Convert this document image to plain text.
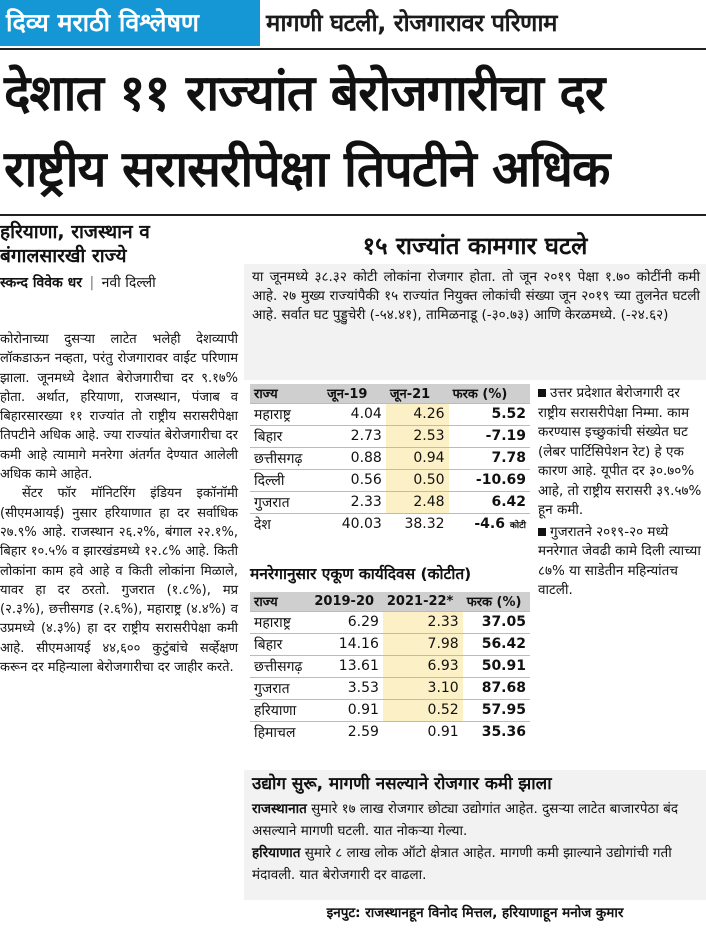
दिव्य मराठी विश्लेषण	मागणी घटली, रोजगारावर परिणाम
देशात ११ राज्यांत बेरोजगारीचा दर
राष्ट्रीय सरासरीपेक्षा तिपटीने अधिक
हरियाणा, राजस्थान व बंगालसारखी राज्ये
स्कन्द विवेक धर | नवी दिल्ली

कोरोनाच्या दुसऱ्या लाटेत भलेही देशव्यापी लॉकडाऊन नव्हता, परंतु रोजगारावर वाईट परिणाम झाला. जूनमध्ये देशात बेरोजगारीचा दर ९.१७% होता. अर्थात, हरियाणा, राजस्थान, पंजाब व बिहारसारख्या ११ राज्यांत तो राष्ट्रीय सरासरीपेक्षा तिपटीने अधिक आहे. ज्या राज्यांत बेरोजगारीचा दर कमी आहे त्यामागे मनरेगा अंतर्गत देण्यात आलेली अधिक कामे आहेत.

सेंटर फॉर मॉनिटरिंग इंडियन इकॉनॉमी (सीएमआयई) नुसार हरियाणात हा दर सर्वाधिक २७.९% आहे. राजस्थान २६.२%, बंगाल २२.१%, बिहार १०.५% व झारखंडमध्ये १२.८% आहे. किती लोकांना काम हवे आहे व किती लोकांना मिळाले, यावर हा दर ठरतो. गुजरात (१.८%), मप्र (२.३%), छत्तीसगड (२.६%), महाराष्ट्र (४.४%) व उप्रमध्ये (४.३%) हा दर राष्ट्रीय सरासरीपेक्षा कमी आहे. सीएमआयई ४४,६०० कुटुंबांचे सर्व्हेक्षण करून दर महिन्याला बेरोजगारीचा दर जाहीर करते.

१५ राज्यांत कामगार घटले
या जूनमध्ये ३८.३२ कोटी लोकांना रोजगार होता. तो जून २०१९ पेक्षा १.७० कोटींनी कमी आहे. २७ मुख्य राज्यांपैकी १५ राज्यांत नियुक्त लोकांची संख्या जून २०१९ च्या तुलनेत घटली आहे. सर्वात घट पुड्डुचेरी (-५४.४१), तामिळनाडू (-३०.७३) आणि केरळमध्ये. (-२४.६२)
राज्य	जून-19	जून-21	फरक (%)
महाराष्ट्र	4.04	4.26	5.52
बिहार	2.73	2.53	-7.19
छत्तीसगढ़	0.88	0.94	7.78
दिल्ली	0.56	0.50	-10.69
गुजरात	2.33	2.48	6.42
देश	40.03	38.32	-4.6 कोटी
मनरेगानुसार एकूण कार्यदिवस (कोटीत)
राज्य	2019-20	2021-22*	फरक (%)
महाराष्ट्र	6.29	2.33	37.05
बिहार	14.16	7.98	56.42
छत्तीसगढ़	13.61	6.93	50.91
गुजरात	3.53	3.10	87.68
हरियाणा	0.91	0.52	57.95
हिमाचल	2.59	0.91	35.36
उत्तर प्रदेशात बेरोजगारी दर राष्ट्रीय सरासरीपेक्षा निम्मा. काम करण्यास इच्छुकांची संख्येत घट (लेबर पार्टिसिपेशन रेट) हे एक कारण आहे. यूपीत दर ३०.७०% आहे, तो राष्ट्रीय सरासरी ३९.५७% हून कमी.
गुजरातने २०१९-२० मध्ये मनरेगात जेवढी कामे दिली त्याच्या ८७% या साडेतीन महिन्यांतच वाटली.
उद्योग सुरू, मागणी नसल्याने रोजगार कमी झाला
राजस्थानात सुमारे १७ लाख रोजगार छोट्या उद्योगांत आहेत. दुसऱ्या लाटेत बाजारपेठा बंद असल्याने मागणी घटली. यात नोकऱ्या गेल्या.
हरियाणात सुमारे ८ लाख लोक ऑटो क्षेत्रात आहेत. मागणी कमी झाल्याने उद्योगांची गती मंदावली. यात बेरोजगारी दर वाढला.
इनपुट: राजस्थानहून विनोद मित्तल, हरियाणाहून मनोज कुमार
